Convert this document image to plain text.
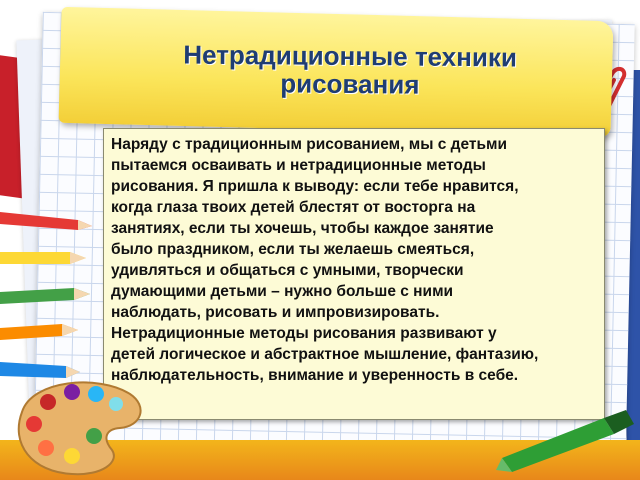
Нетрадиционные техники
рисования
Наряду с традиционным рисованием, мы с детьми
пытаемся осваивать и нетрадиционные методы
рисования. Я пришла к выводу: если тебе нравится,
когда глаза твоих детей блестят от восторга на
занятиях, если ты хочешь, чтобы каждое занятие
было праздником, если ты желаешь смеяться,
удивляться и общаться с умными, творчески
думающими детьми – нужно больше с ними
наблюдать, рисовать и импровизировать.
Нетрадиционные методы рисования развивают у
детей логическое и абстрактное мышление, фантазию,
наблюдательность, внимание и уверенность в себе.
